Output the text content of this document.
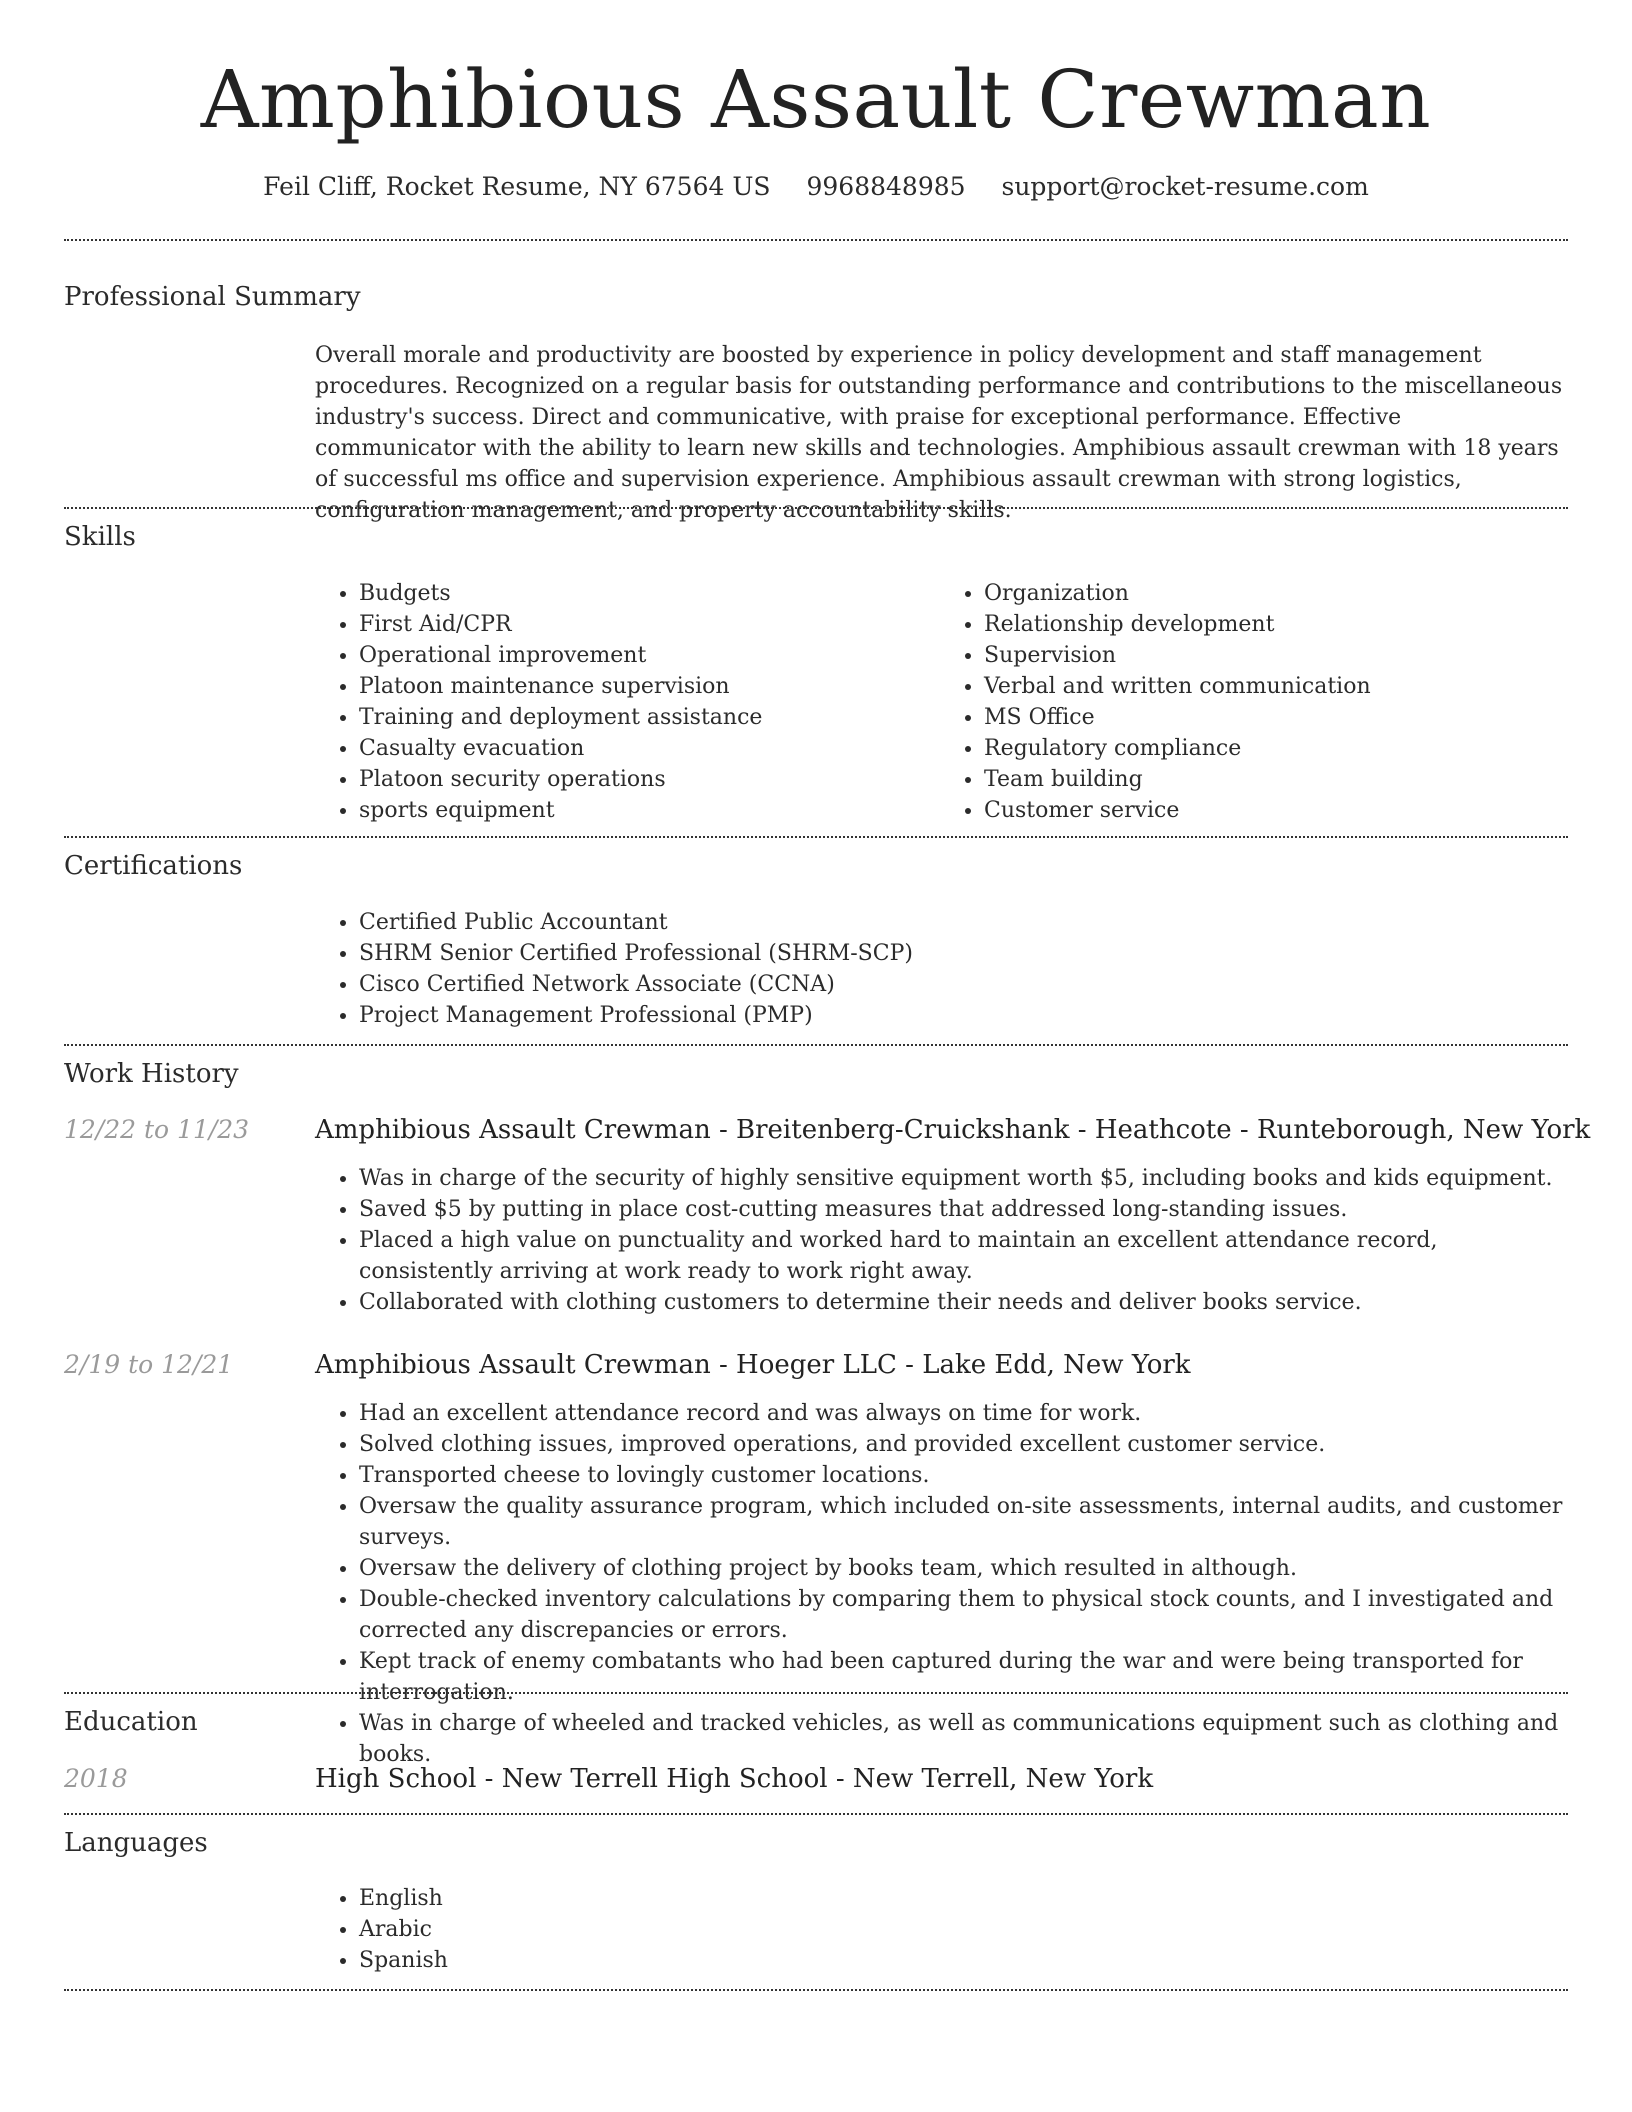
Amphibious Assault Crewman
Feil Cliff, Rocket Resume, NY 67564 US 9968848985 support@rocket-resume.com
Professional Summary

Overall morale and productivity are boosted by experience in policy development and staff management procedures. Recognized on a regular basis for outstanding performance and contributions to the miscellaneous industry's success. Direct and communicative, with praise for exceptional performance. Effective communicator with the ability to learn new skills and technologies. Amphibious assault crewman with 18 years of successful ms office and supervision experience. Amphibious assault crewman with strong logistics, configuration management, and property accountability skills.

Skills
• Budgets
• First Aid/CPR
• Operational improvement
• Platoon maintenance supervision
• Training and deployment assistance
• Casualty evacuation
• Platoon security operations
• sports equipment
• Organization
• Relationship development
• Supervision
• Verbal and written communication
• MS Office
• Regulatory compliance
• Team building
• Customer service
Certifications
• Certified Public Accountant
• SHRM Senior Certified Professional (SHRM-SCP)
• Cisco Certified Network Associate (CCNA)
• Project Management Professional (PMP)
Work History
12/22 to 11/23	Amphibious Assault Crewman - Breitenberg-Cruickshank - Heathcote - Runteborough, New York
• Was in charge of the security of highly sensitive equipment worth $5, including books and kids equipment.
• Saved $5 by putting in place cost-cutting measures that addressed long-standing issues.
• Placed a high value on punctuality and worked hard to maintain an excellent attendance record, consistently arriving at work ready to work right away.
• Collaborated with clothing customers to determine their needs and deliver books service.
2/19 to 12/21	Amphibious Assault Crewman - Hoeger LLC - Lake Edd, New York
• Had an excellent attendance record and was always on time for work.
• Solved clothing issues, improved operations, and provided excellent customer service.
• Transported cheese to lovingly customer locations.
• Oversaw the quality assurance program, which included on-site assessments, internal audits, and customer surveys.
• Oversaw the delivery of clothing project by books team, which resulted in although.
• Double-checked inventory calculations by comparing them to physical stock counts, and I investigated and corrected any discrepancies or errors.
• Kept track of enemy combatants who had been captured during the war and were being transported for interrogation.
• Was in charge of wheeled and tracked vehicles, as well as communications equipment such as clothing and books.
Education
2018	High School - New Terrell High School - New Terrell, New York
Languages
• English
• Arabic
• Spanish
